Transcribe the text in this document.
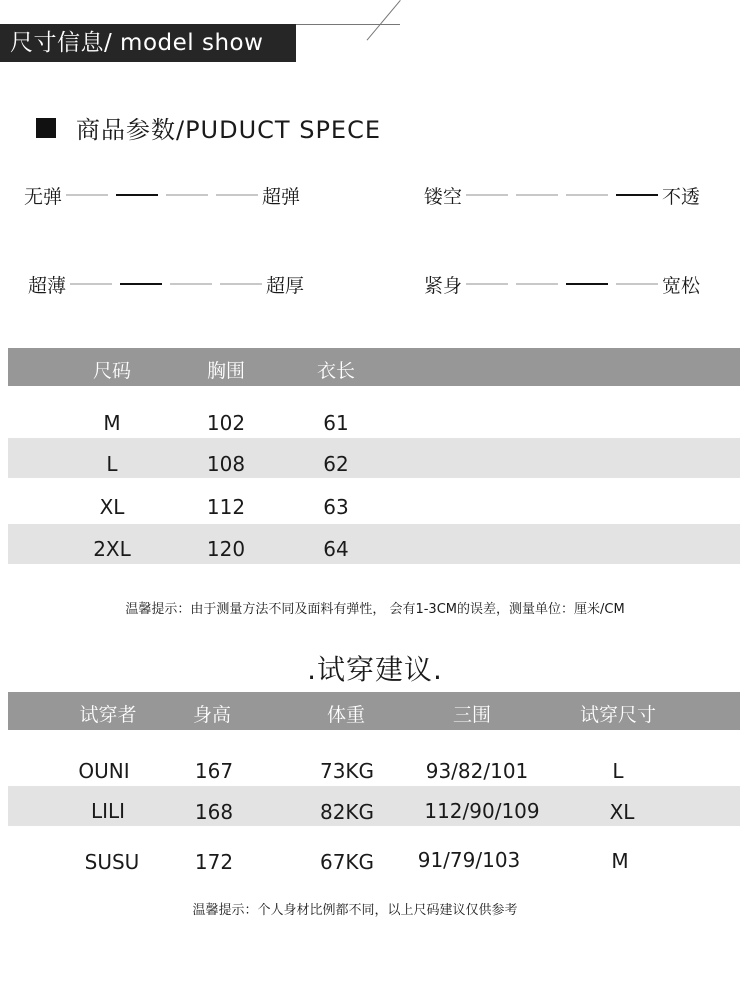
尺寸信息/ model show
商品参数/PUDUCT SPECE
无弹	超弹	镂空	不透
超薄	超厚	紧身	宽松
尺码	胸围	衣长
M	102	61
L	108	62
XL	112	63
2XL	120	64
温馨提示：由于测量方法不同及面料有弹性， 会有1-3CM的误差，测量单位：厘米/CM
.试穿建议.
试穿者	身高	体重	三围	试穿尺寸
OUNI	167	73KG	93/82/101	L
LILI	168	82KG	112/90/109	XL
SUSU	172	67KG	91/79/103	M
温馨提示：个人身材比例都不同，以上尺码建议仅供参考
